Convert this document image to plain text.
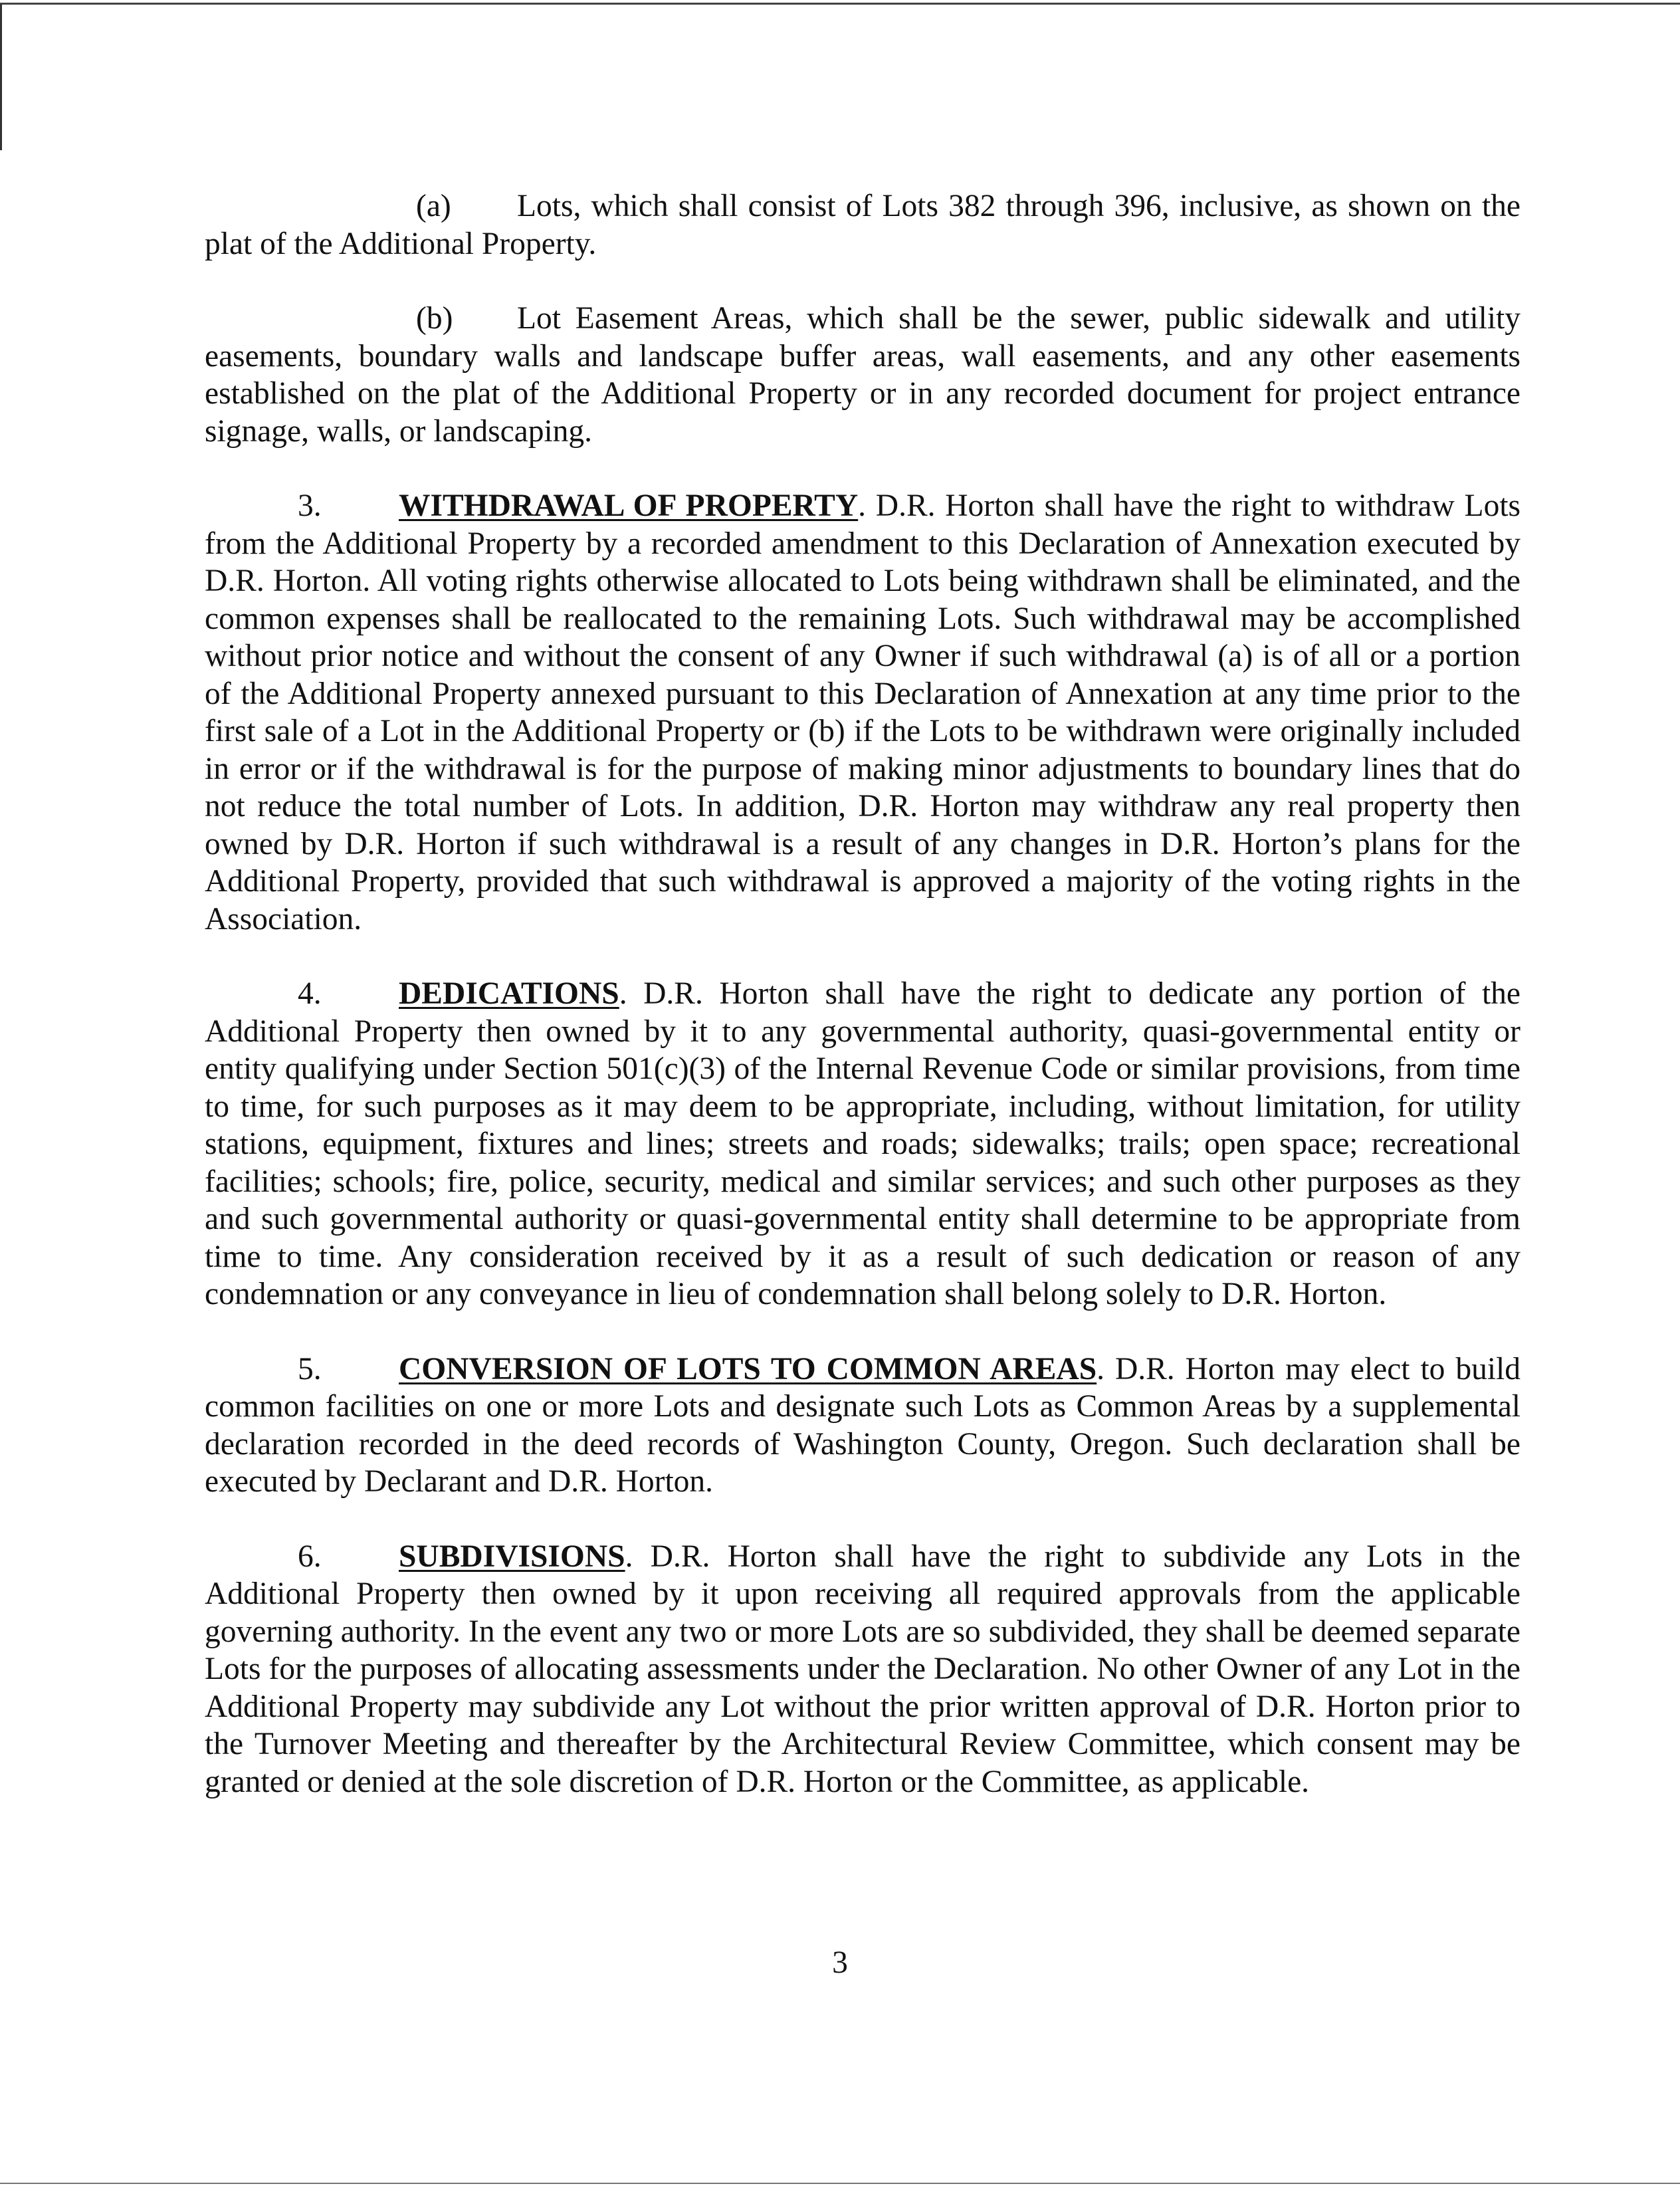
(a) Lots, which shall consist of Lots 382 through 396, inclusive, as shown on the plat of the Additional Property.

(b) Lot Easement Areas, which shall be the sewer, public sidewalk and utility easements, boundary walls and landscape buffer areas, wall easements, and any other easements established on the plat of the Additional Property or in any recorded document for project entrance signage, walls, or landscaping.

3. WITHDRAWAL OF PROPERTY. D.R. Horton shall have the right to withdraw Lots from the Additional Property by a recorded amendment to this Declaration of Annexation executed by D.R. Horton. All voting rights otherwise allocated to Lots being withdrawn shall be eliminated, and the common expenses shall be reallocated to the remaining Lots. Such withdrawal may be accomplished without prior notice and without the consent of any Owner if such withdrawal (a) is of all or a portion of the Additional Property annexed pursuant to this Declaration of Annexation at any time prior to the first sale of a Lot in the Additional Property or (b) if the Lots to be withdrawn were originally included in error or if the withdrawal is for the purpose of making minor adjustments to boundary lines that do not reduce the total number of Lots. In addition, D.R. Horton may withdraw any real property then owned by D.R. Horton if such withdrawal is a result of any changes in D.R. Horton’s plans for the Additional Property, provided that such withdrawal is approved a majority of the voting rights in the Association.

4. DEDICATIONS. D.R. Horton shall have the right to dedicate any portion of the Additional Property then owned by it to any governmental authority, quasi-governmental entity or entity qualifying under Section 501(c)(3) of the Internal Revenue Code or similar provisions, from time to time, for such purposes as it may deem to be appropriate, including, without limitation, for utility stations, equipment, fixtures and lines; streets and roads; sidewalks; trails; open space; recreational facilities; schools; fire, police, security, medical and similar services; and such other purposes as they and such governmental authority or quasi-governmental entity shall determine to be appropriate from time to time. Any consideration received by it as a result of such dedication or reason of any condemnation or any conveyance in lieu of condemnation shall belong solely to D.R. Horton.

5. CONVERSION OF LOTS TO COMMON AREAS. D.R. Horton may elect to build common facilities on one or more Lots and designate such Lots as Common Areas by a supplemental declaration recorded in the deed records of Washington County, Oregon. Such declaration shall be executed by Declarant and D.R. Horton.

6. SUBDIVISIONS. D.R. Horton shall have the right to subdivide any Lots in the Additional Property then owned by it upon receiving all required approvals from the applicable governing authority. In the event any two or more Lots are so subdivided, they shall be deemed separate Lots for the purposes of allocating assessments under the Declaration. No other Owner of any Lot in the Additional Property may subdivide any Lot without the prior written approval of D.R. Horton prior to the Turnover Meeting and thereafter by the Architectural Review Committee, which consent may be granted or denied at the sole discretion of D.R. Horton or the Committee, as applicable.

3
